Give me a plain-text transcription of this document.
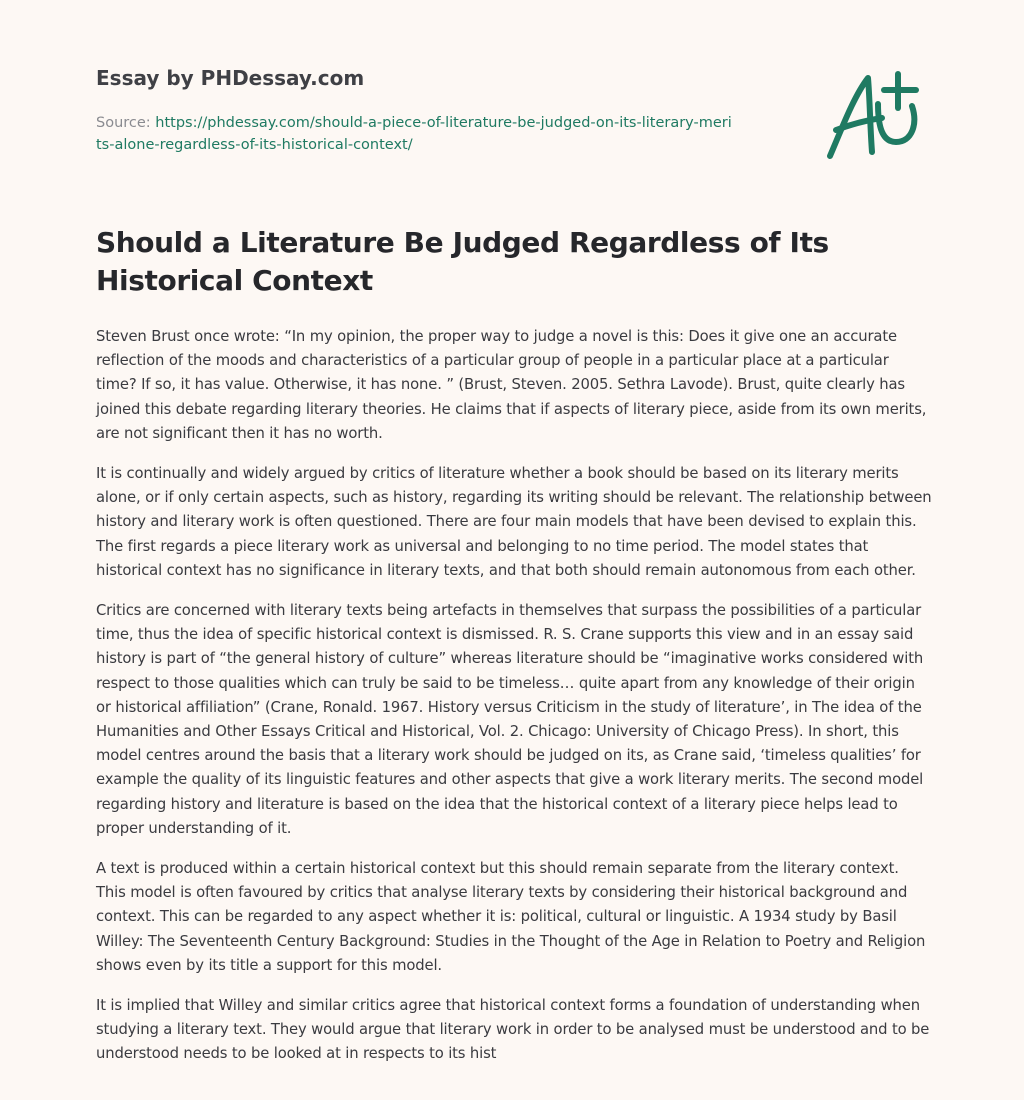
Essay by PHDessay.com
Source: https://phdessay.com/should-a-piece-of-literature-be-judged-on-its-literary-merits-alone-regardless-of-its-historical-context/
Should a Literature Be Judged Regardless of Its Historical Context

Steven Brust once wrote: “In my opinion, the proper way to judge a novel is this: Does it give one an accurate reflection of the moods and characteristics of a particular group of people in a particular place at a particular time? If so, it has value. Otherwise, it has none. ” (Brust, Steven. 2005. Sethra Lavode). Brust, quite clearly has joined this debate regarding literary theories. He claims that if aspects of literary piece, aside from its own merits, are not significant then it has no worth.

It is continually and widely argued by critics of literature whether a book should be based on its literary merits alone, or if only certain aspects, such as history, regarding its writing should be relevant. The relationship between history and literary work is often questioned. There are four main models that have been devised to explain this. The first regards a piece literary work as universal and belonging to no time period. The model states that historical context has no significance in literary texts, and that both should remain autonomous from each other.

Critics are concerned with literary texts being artefacts in themselves that surpass the possibilities of a particular time, thus the idea of specific historical context is dismissed. R. S. Crane supports this view and in an essay said history is part of “the general history of culture” whereas literature should be “imaginative works considered with respect to those qualities which can truly be said to be timeless… quite apart from any knowledge of their origin or historical affiliation” (Crane, Ronald. 1967. History versus Criticism in the study of literature’, in The idea of the Humanities and Other Essays Critical and Historical, Vol. 2. Chicago: University of Chicago Press). In short, this model centres around the basis that a literary work should be judged on its, as Crane said, ‘timeless qualities’ for example the quality of its linguistic features and other aspects that give a work literary merits. The second model regarding history and literature is based on the idea that the historical context of a literary piece helps lead to proper understanding of it.

A text is produced within a certain historical context but this should remain separate from the literary context. This model is often favoured by critics that analyse literary texts by considering their historical background and context. This can be regarded to any aspect whether it is: political, cultural or linguistic. A 1934 study by Basil Willey: The Seventeenth Century Background: Studies in the Thought of the Age in Relation to Poetry and Religion shows even by its title a support for this model.

It is implied that Willey and similar critics agree that historical context forms a foundation of understanding when studying a literary text. They would argue that literary work in order to be analysed must be understood and to be understood needs to be looked at in respects to its hist
